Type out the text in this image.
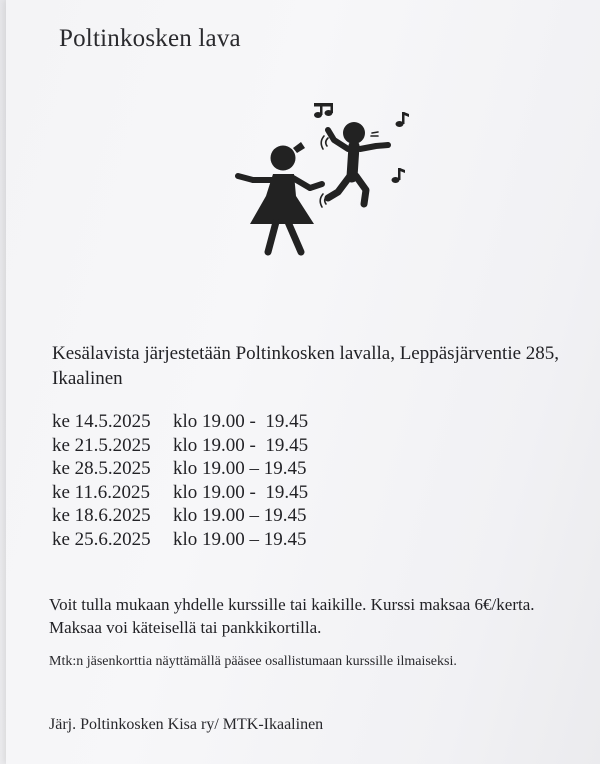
Poltinkosken lava
Kesälavista järjestetään Poltinkosken lavalla, Leppäsjärventie 285, Ikaalinen
ke 14.5.2025	klo 19.00 -  19.45
ke 21.5.2025	klo 19.00 -  19.45
ke 28.5.2025	klo 19.00 – 19.45
ke 11.6.2025	klo 19.00 -  19.45
ke 18.6.2025	klo 19.00 – 19.45
ke 25.6.2025	klo 19.00 – 19.45
Voit tulla mukaan yhdelle kurssille tai kaikille. Kurssi maksaa 6€/kerta.
Maksaa voi käteisellä tai pankkikortilla.
Mtk:n jäsenkorttia näyttämällä pääsee osallistumaan kurssille ilmaiseksi.
Järj. Poltinkosken Kisa ry/ MTK-Ikaalinen
